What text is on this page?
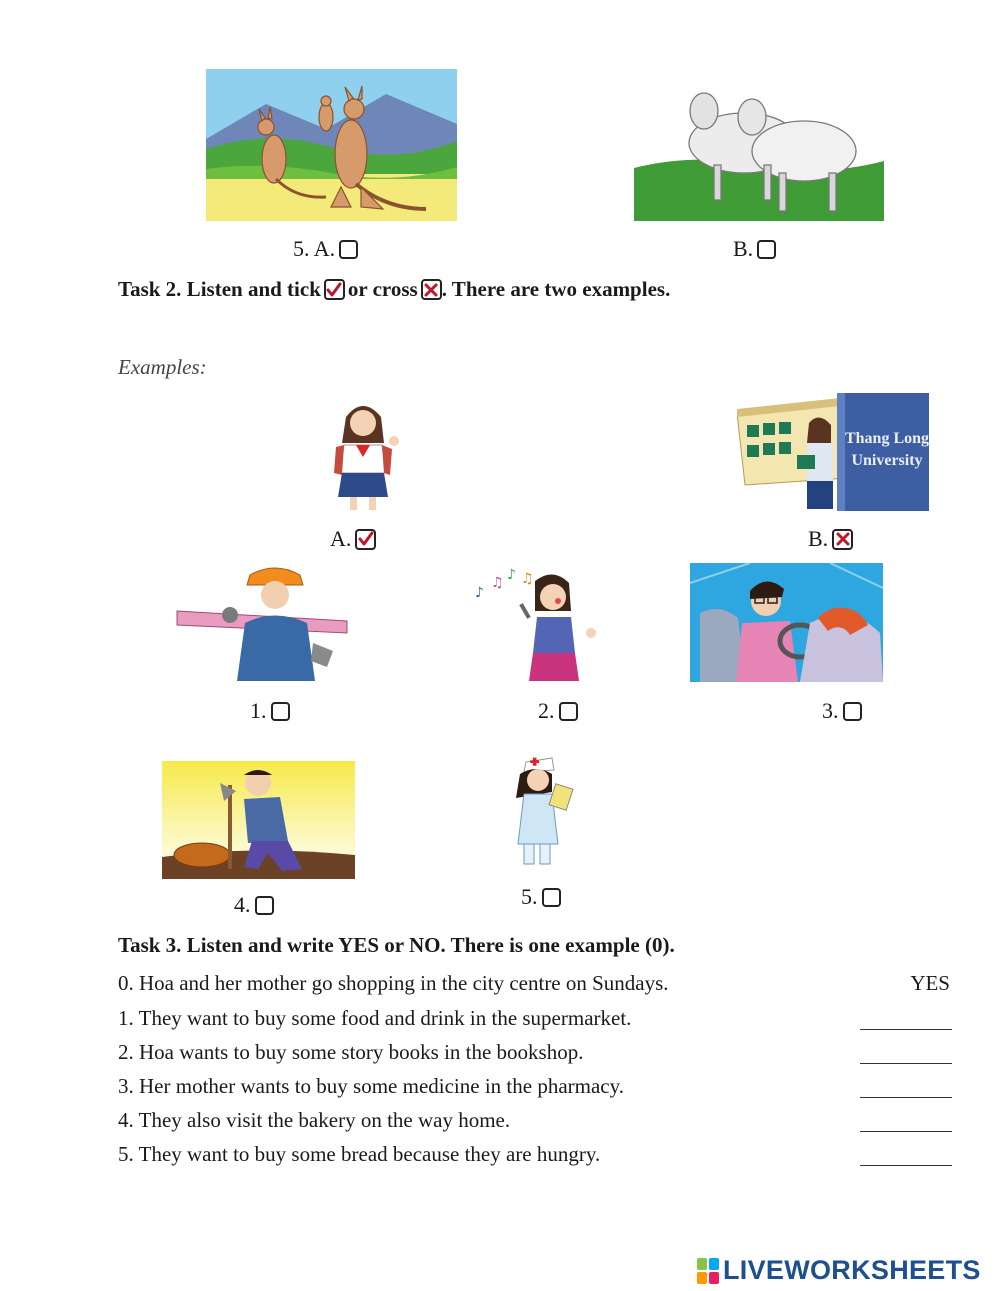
5. A.	B.
Task 2. Listen and tick or cross . There are two examples.
Examples:
A.
Thang Long
University
B.
1.
♪
♫ ♪ ♫
2.	3.
4.	5.
Task 3. Listen and write YES or NO. There is one example (0).
0. Hoa and her mother go shopping in the city centre on Sundays.	YES
1. They want to buy some food and drink in the supermarket.
2. Hoa wants to buy some story books in the bookshop.
3. Her mother wants to buy some medicine in the pharmacy.
4. They also visit the bakery on the way home.
5. They want to buy some bread because they are hungry.
LIVEWORKSHEETS
